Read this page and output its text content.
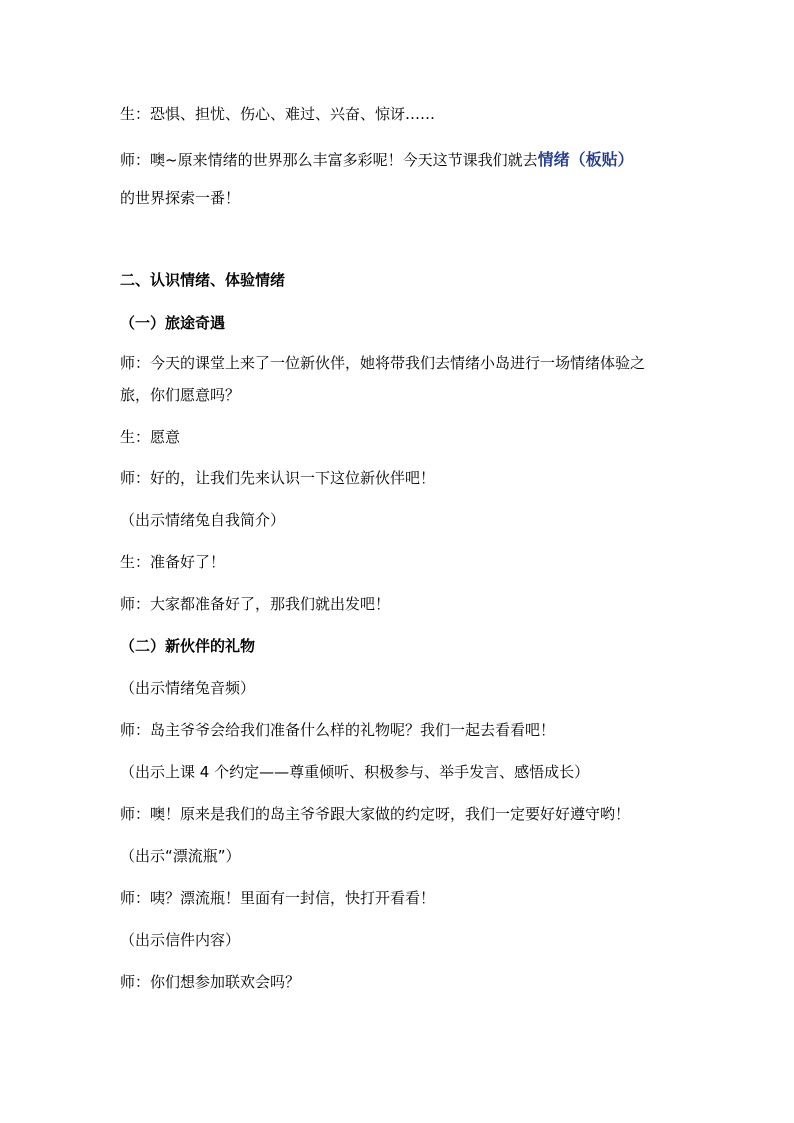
生：恐惧、担忧、伤心、难过、兴奋、惊讶……
师：噢~原来情绪的世界那么丰富多彩呢！今天这节课我们就去情绪（板贴）
的世界探索一番！
二、认识情绪、体验情绪
（一）旅途奇遇
师：今天的课堂上来了一位新伙伴，她将带我们去情绪小岛进行一场情绪体验之
旅，你们愿意吗？
生：愿意
师：好的，让我们先来认识一下这位新伙伴吧！
（出示情绪兔自我简介）
生：准备好了！
师：大家都准备好了，那我们就出发吧！
（二）新伙伴的礼物
（出示情绪兔音频）
师：岛主爷爷会给我们准备什么样的礼物呢？我们一起去看看吧！
（出示上课 4 个约定——尊重倾听、积极参与、举手发言、感悟成长）
师：噢！原来是我们的岛主爷爷跟大家做的约定呀，我们一定要好好遵守哟！
（出示“漂流瓶”）
师：咦？漂流瓶！里面有一封信，快打开看看！
（出示信件内容）
师：你们想参加联欢会吗？
